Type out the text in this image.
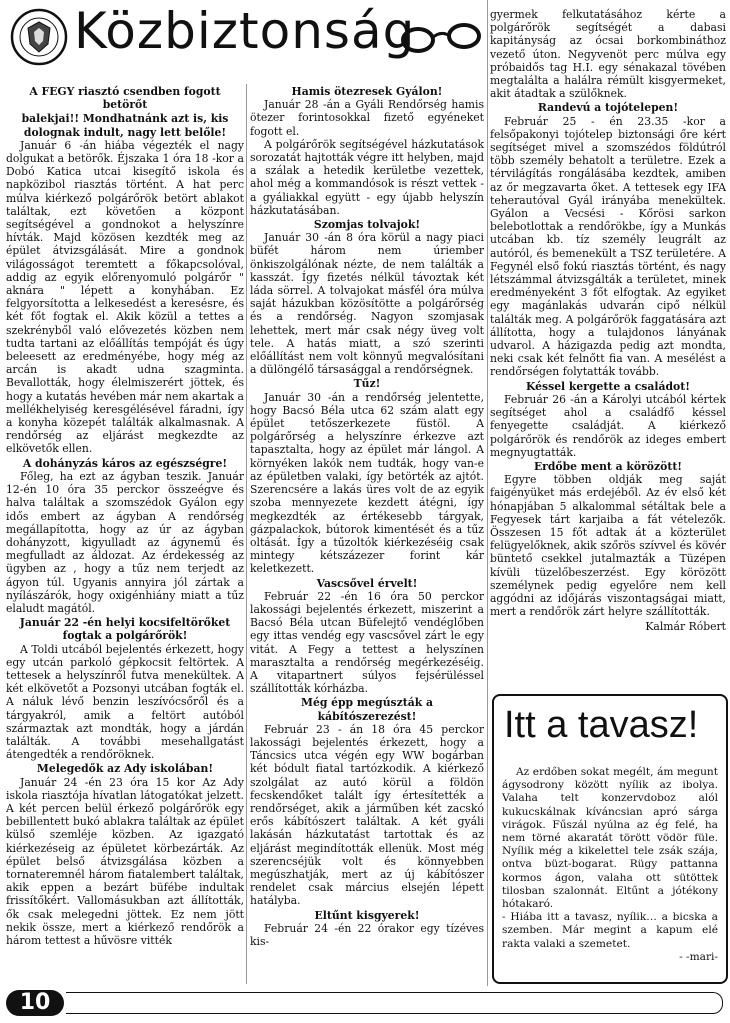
Közbiztonság
A FEGY riasztó csendben fogott betörőt
balekjai!! Mondhatnánk azt is, kis dolognak indult, nagy lett belőle!

Január 6 -án hiába végezték el nagy dolgukat a betörők. Éjszaka 1 óra 18 -kor a Dobó Katica utcai kisegítő iskola és napközibol riasztás történt. A hat perc múlva kiérkező polgárőrök betört ablakot találtak, ezt követően a központ segítségével a gondnokot a helyszínre hívták. Majd közösen kezdték meg az épület átvizsgálását. Mire a gondnok világosságot teremtett a főkapcsolóval, addig az egyik előrenyomuló polgárőr " aknára " lépett a konyhában. Ez felgyorsította a lelkesedést a keresésre, és két főt fogtak el. Akik közül a tettes a szekrényből való elővezetés közben nem tudta tartani az előállítás tempóját és úgy beleesett az eredményébe, hogy még az arcán is akadt udna szagminta. Bevallották, hogy élelmiszerért jöttek, és hogy a kutatás hevében már nem akartak a mellékhelyiség keresgélésével fáradni, így a konyha közepét találták alkalmasnak. A rendőrség az eljárást megkezdte az elkövetők ellen.

A dohányzás káros az egészségre!

Főleg, ha ezt az ágyban teszik. Január 12-én 10 óra 35 perckor összeégve és halva találtak a szomszédok Gyálon egy idős embert az ágyban A rendőrség megállapította, hogy az úr az ágyban dohányzott, kigyulladt az ágynemű és megfulladt az áldozat. Az érdekesség az ügyben az , hogy a tűz nem terjedt az ágyon túl. Ugyanis annyira jól zártak a nyílászárók, hogy oxigénhiány miatt a tűz elaludt magától.

Január 22 -én helyi kocsifeltörőket fogtak a polgárőrök!

A Toldi utcából bejelentés érkezett, hogy egy utcán parkoló gépkocsit feltörtek. A tettesek a helyszínről futva menekültek. A két elkövetőt a Pozsonyi utcában fogták el. A náluk lévő benzin leszívócsőről és a tárgyakról, amik a feltört autóból származtak azt mondták, hogy a járdán találták. A további mesehallgatást átengedték a rendőröknek.

Melegedők az Ady iskolában!

Január 24 -én 23 óra 15 kor Az Ady iskola riasztója hívatlan látogatókat jelzett. A két percen belül érkező polgárőrök egy bebillentett bukó ablakra találtak az épület külső szemléje közben. Az igazgató kiérkezéseig az épületet körbezárták. Az épület belső átvizsgálása közben a tornateremnél három fiatalembert találtak, akik eppen a bezárt büfébe indultak frissítőkért. Vallomásukban azt állították, ők csak melegedni jöttek. Ez nem jött nekik össze, mert a kiérkező rendőrök a három tettest a hűvösre vitték

Hamis ötezresek Gyálon!

Január 28 -án a Gyáli Rendőrség hamis ötezer forintosokkal fizető egyéneket fogott el.

A polgárőrök segítségével házkutatások sorozatát hajtották végre itt helyben, majd a szálak a hetedik kerületbe vezettek, ahol még a kommandósok is részt vettek - a gyáliakkal együtt - egy újabb helyszín házkutatásában.

Szomjas tolvajok!

Január 30 -án 8 óra körül a nagy piaci büfét három nem úriember önkiszolgálónak nézte, de nem találták a kasszát. Így fizetés nélkül távoztak két láda sörrel. A tolvajokat másfél óra múlva saját házukban közösítötte a polgárőrség és a rendőrség. Nagyon szomjasak lehettek, mert már csak négy üveg volt tele. A hatás miatt, a szó szerinti előállítást nem volt könnyű megvalósítani a dülöngélő társasággal a rendőrségnek.

Tűz!

Január 30 -án a rendőrség jelentette, hogy Bacsó Béla utca 62 szám alatt egy épület tetőszerkezete füstöl. A polgárőrség a helyszínre érkezve azt tapasztalta, hogy az épület már lángol. A környéken lakók nem tudták, hogy van-e az épületben valaki, így betörték az ajtót. Szerencsére a lakás üres volt de az egyik szoba mennyezete kezdett átégni, így megkezdték az értékesebb tárgyak, gázpalackok, bútorok kimentését és a tűz oltását. Így a tűzoltók kiérkezéséig csak mintegy kétszázezer forint kár keletkezett.

Vascsővel érvelt!

Február 22 -én 16 óra 50 perckor lakossági bejelentés érkezett, miszerint a Bacsó Béla utcan Büfelejtő vendéglőben egy ittas vendég egy vascsővel zárt le egy vitát. A Fegy a tettest a helyszínen marasztalta a rendőrség megérkezéséig. A vitapartnert súlyos fejsérüléssel szállították kórházba.

Még épp megúszták a kábítószerezést!

Február 23 - án 18 óra 45 perckor lakossági bejelentés érkezett, hogy a Táncsics utca végén egy WW bogárban két bódult fiatal tartózkodik. A kiérkező szolgálat az autó körül a földön fecskendőket talált így értesítették a rendőrséget, akik a járműben két zacskó erős kábítószert találtak. A két gyáli lakásán házkutatást tartottak és az eljárást megindították ellenük. Most még szerencséjük volt és könnyebben megúszhatják, mert az új kábítószer rendelet csak március elsején lépett hatályba.

Eltűnt kisgyerek!

Február 24 -én 22 órakor egy tízéves kis-

gyermek felkutatásához kérte a polgárőrök segítségét a dabasi kapitányság az ócsai borkombináthoz vezető úton. Negyvenöt perc múlva egy próbaidős tag H.I. egy sénakazal tövében megtalálta a halálra rémült kisgyermeket, akit átadtak a szülőknek.

Randevú a tojótelepen!

Február 25 - én 23.35 -kor a felsőpakonyi tojótelep biztonsági őre kért segítséget mivel a szomszédos földútról több személy behatolt a területre. Ezek a térvilágítás rongálásába kezdtek, amiben az őr megzavarta őket. A tettesek egy IFA teherautóval Gyál irányába menekültek. Gyálon a Vecsési - Kőrösi sarkon belebotlottak a rendőrökbe, így a Munkás utcában kb. tíz személy leugrált az autóról, és bemenekült a TSZ területére. A Fegynél első fokú riasztás történt, és nagy létszámmal átvizsgálták a területet, minek eredményeként 3 főt elfogtak. Az egyiket egy magánlakás udvarán cipő nélkül találták meg. A polgárőrök faggatására azt állította, hogy a tulajdonos lányának udvarol. A házigazda pedig azt mondta, neki csak két felnőtt fia van. A mesélést a rendőrségen folytatták tovább.

Késsel kergette a családot!

Február 26 -án a Károlyi utcából kértek segítséget ahol a családfő késsel fenyegette családját. A kiérkező polgárőrök és rendőrök az ideges embert megnyugtatták.

Erdőbe ment a körözött!

Egyre többen oldják meg saját faigényüket más erdejéből. Az év első két hónapjában 5 alkalommal sétáltak bele a Fegyesek tárt karjaiba a fát vételezők. Összesen 15 főt adtak át a közterület felügyelőknek, akik szőrös szívvel és kövér büntető csekkel jutalmazták a Tüzépen kívüli tüzelőbeszerzést. Egy körözött személynek pedig egyelőre nem kell aggódni az időjárás viszontagságai miatt, mert a rendőrök zárt helyre szállították.

Kalmár Róbert
Itt a tavasz!

Az erdőben sokat megélt, ám megunt ágysodrony között nyílik az ibolya. Valaha telt konzervdoboz alól kukucskálnak kíváncsian apró sárga virágok. Fűszál nyúlna az ég felé, ha nem törné akaratát törött vödör füle. Nyílik még a kikelettel tele zsák szája, ontva büzt-bogarat. Rügy pattanna kormos ágon, valaha ott sütöttek tilosban szalonnát. Eltűnt a jótékony hótakaró.

- Hiába itt a tavasz, nyílik… a bicska a szemben. Már megint a kapum elé rakta valaki a szemetet.

- -mari-
10
